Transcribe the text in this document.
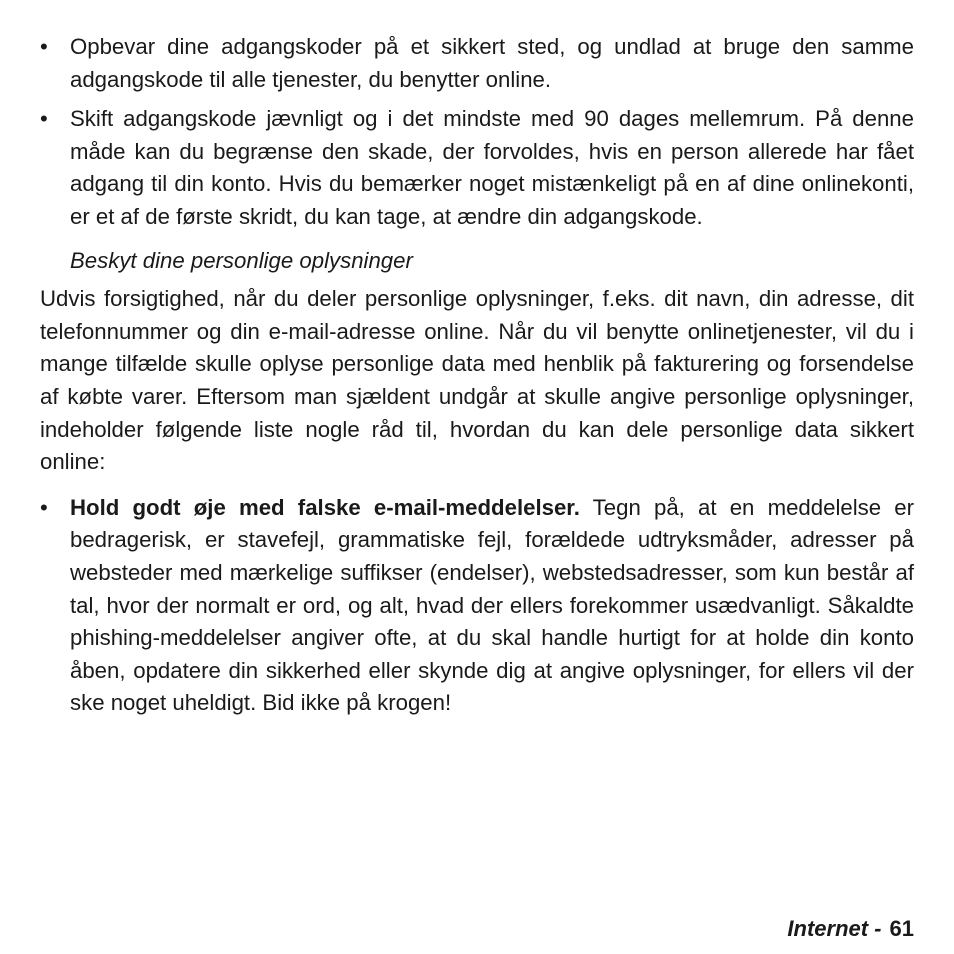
• Opbevar dine adgangskoder på et sikkert sted, og undlad at bruge den samme adgangskode til alle tjenester, du benytter online.
• Skift adgangskode jævnligt og i det mindste med 90 dages mellemrum. På denne måde kan du begrænse den skade, der forvoldes, hvis en person allerede har fået adgang til din konto. Hvis du bemærker noget mistænkeligt på en af dine onlinekonti, er et af de første skridt, du kan tage, at ændre din adgangskode.
Beskyt dine personlige oplysninger

Udvis forsigtighed, når du deler personlige oplysninger, f.eks. dit navn, din adresse, dit telefonnummer og din e-mail-adresse online. Når du vil benytte onlinetjenester, vil du i mange tilfælde skulle oplyse personlige data med henblik på fakturering og forsendelse af købte varer. Eftersom man sjældent undgår at skulle angive personlige oplysninger, indeholder følgende liste nogle råd til, hvordan du kan dele personlige data sikkert online:

• Hold godt øje med falske e-mail-meddelelser. Tegn på, at en meddelelse er bedragerisk, er stavefejl, grammatiske fejl, forældede udtryksmåder, adresser på websteder med mærkelige suffikser (endelser), webstedsadresser, som kun består af tal, hvor der normalt er ord, og alt, hvad der ellers forekommer usædvanligt. Såkaldte phishing-meddelelser angiver ofte, at du skal handle hurtigt for at holde din konto åben, opdatere din sikkerhed eller skynde dig at angive oplysninger, for ellers vil der ske noget uheldigt. Bid ikke på krogen!
Internet - 61
